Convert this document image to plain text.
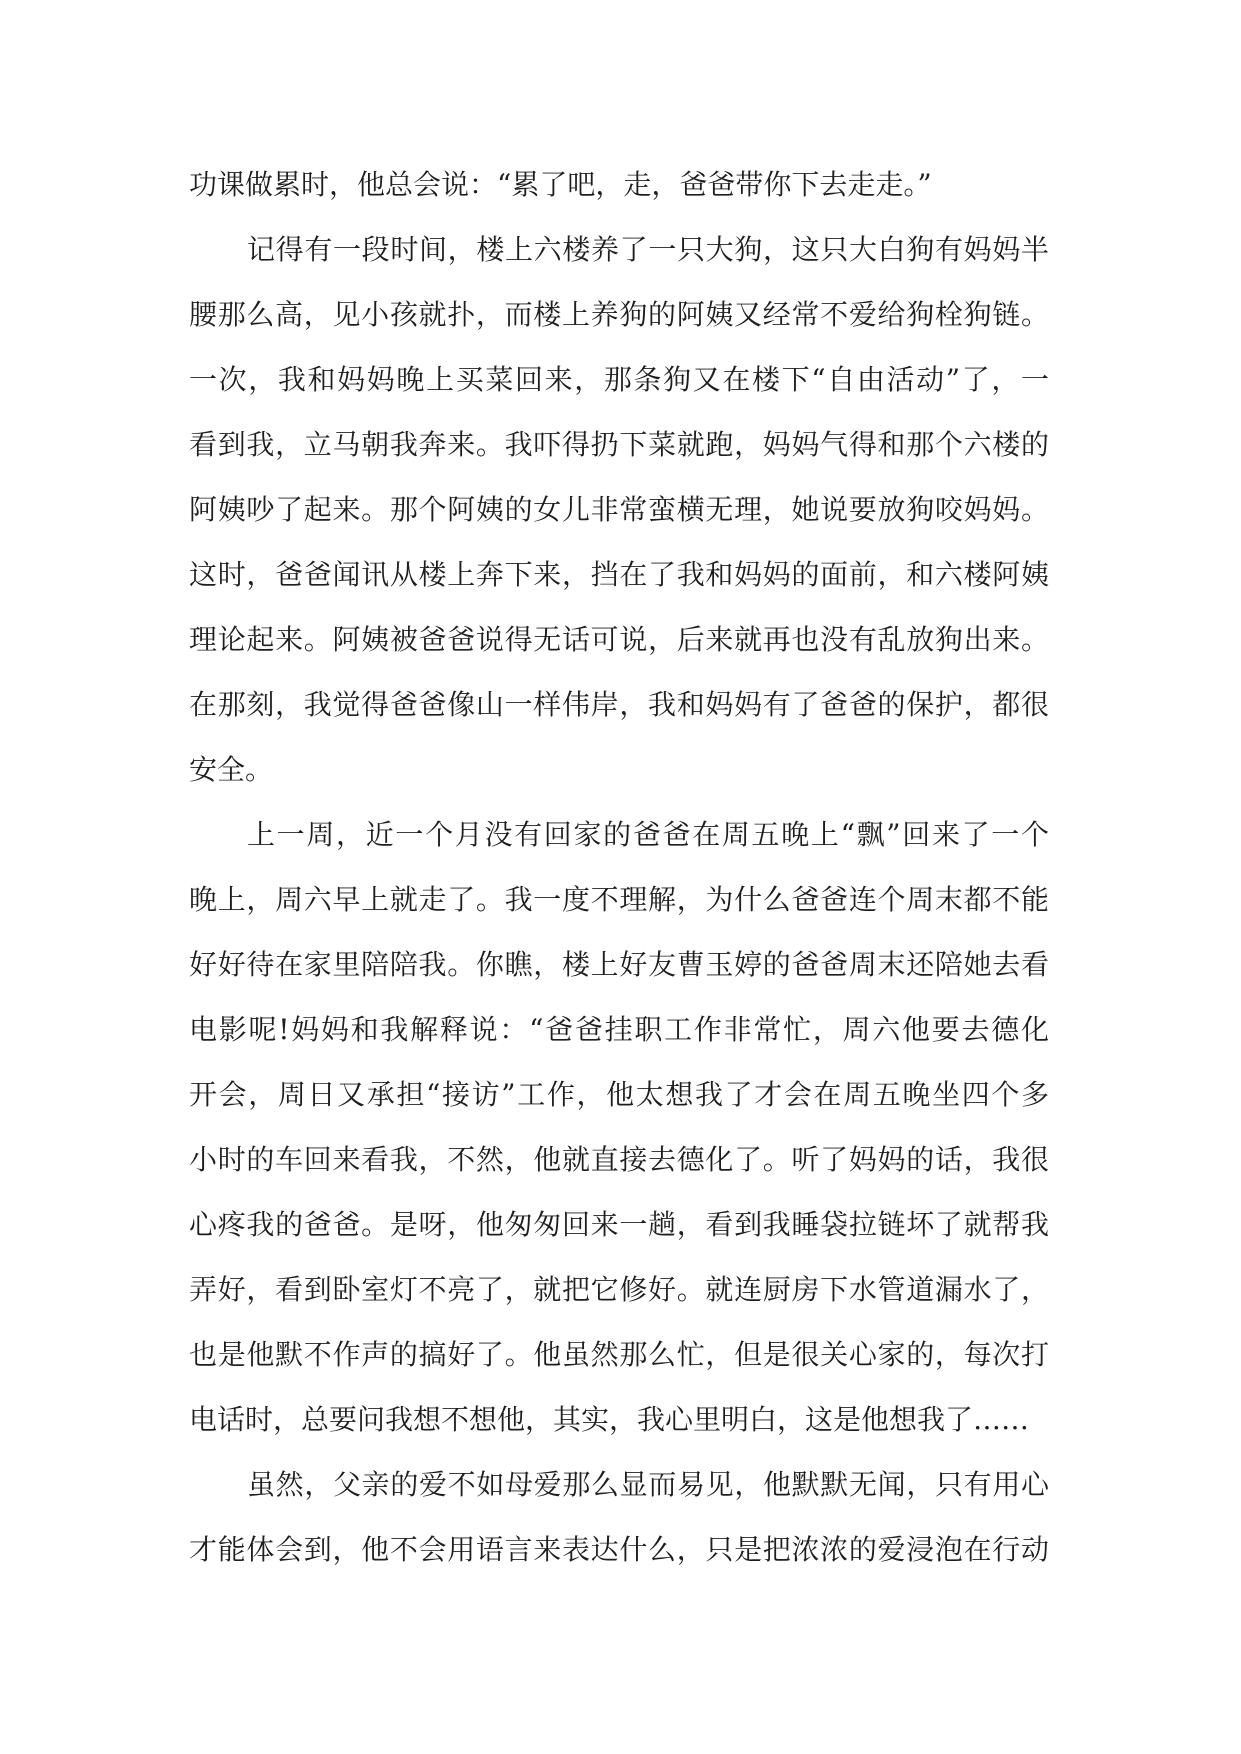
功课做累时，他总会说：“累了吧，走，爸爸带你下去走走。”

记得有一段时间，楼上六楼养了一只大狗，这只大白狗有妈妈半

腰那么高，见小孩就扑，而楼上养狗的阿姨又经常不爱给狗栓狗链。

一次，我和妈妈晚上买菜回来，那条狗又在楼下“自由活动”了，一

看到我，立马朝我奔来。我吓得扔下菜就跑，妈妈气得和那个六楼的

阿姨吵了起来。那个阿姨的女儿非常蛮横无理，她说要放狗咬妈妈。

这时，爸爸闻讯从楼上奔下来，挡在了我和妈妈的面前，和六楼阿姨

理论起来。阿姨被爸爸说得无话可说，后来就再也没有乱放狗出来。

在那刻，我觉得爸爸像山一样伟岸，我和妈妈有了爸爸的保护，都很

安全。

上一周，近一个月没有回家的爸爸在周五晚上“飘”回来了一个

晚上，周六早上就走了。我一度不理解，为什么爸爸连个周末都不能

好好待在家里陪陪我。你瞧，楼上好友曹玉婷的爸爸周末还陪她去看

电影呢!妈妈和我解释说：“爸爸挂职工作非常忙，周六他要去德化

开会，周日又承担“接访”工作，他太想我了才会在周五晚坐四个多

小时的车回来看我，不然，他就直接去德化了。听了妈妈的话，我很

心疼我的爸爸。是呀，他匆匆回来一趟，看到我睡袋拉链坏了就帮我

弄好，看到卧室灯不亮了，就把它修好。就连厨房下水管道漏水了，

也是他默不作声的搞好了。他虽然那么忙，但是很关心家的，每次打

电话时，总要问我想不想他，其实，我心里明白，这是他想我了……

虽然，父亲的爱不如母爱那么显而易见，他默默无闻，只有用心

才能体会到，他不会用语言来表达什么，只是把浓浓的爱浸泡在行动
